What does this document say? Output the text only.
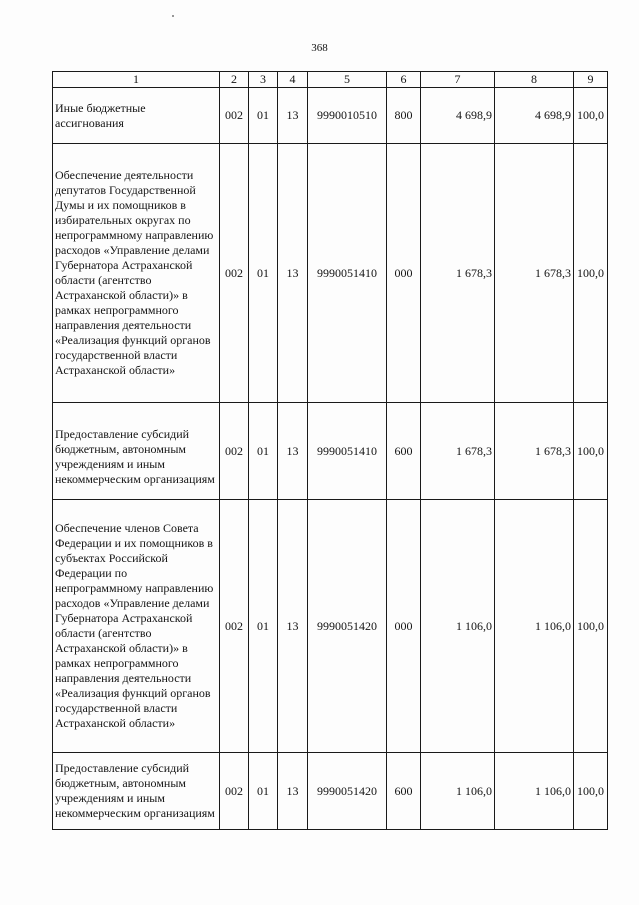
368
1	2	3	4	5	6	7	8	9
Иные бюджетные ассигнования	002	01	13	9990010510	800	4 698,9	4 698,9	100,0
Обеспечение деятельности депутатов Государственной Думы и их помощников в избирательных округах по непрограммному направлению расходов «Управление делами Губернатора Астраханской области (агентство Астраханской области)» в рамках непрограммного направления деятельности «Реализация функций органов государственной власти Астраханской области»	002	01	13	9990051410	000	1 678,3	1 678,3	100,0
Предоставление субсидий бюджетным, автономным учреждениям и иным некоммерческим организациям	002	01	13	9990051410	600	1 678,3	1 678,3	100,0
Обеспечение членов Совета Федерации и их помощников в субъектах Российской Федерации по непрограммному направлению расходов «Управление делами Губернатора Астраханской области (агентство Астраханской области)» в рамках непрограммного направления деятельности «Реализация функций органов государственной власти Астраханской области»	002	01	13	9990051420	000	1 106,0	1 106,0	100,0
Предоставление субсидий бюджетным, автономным учреждениям и иным некоммерческим организациям	002	01	13	9990051420	600	1 106,0	1 106,0	100,0
